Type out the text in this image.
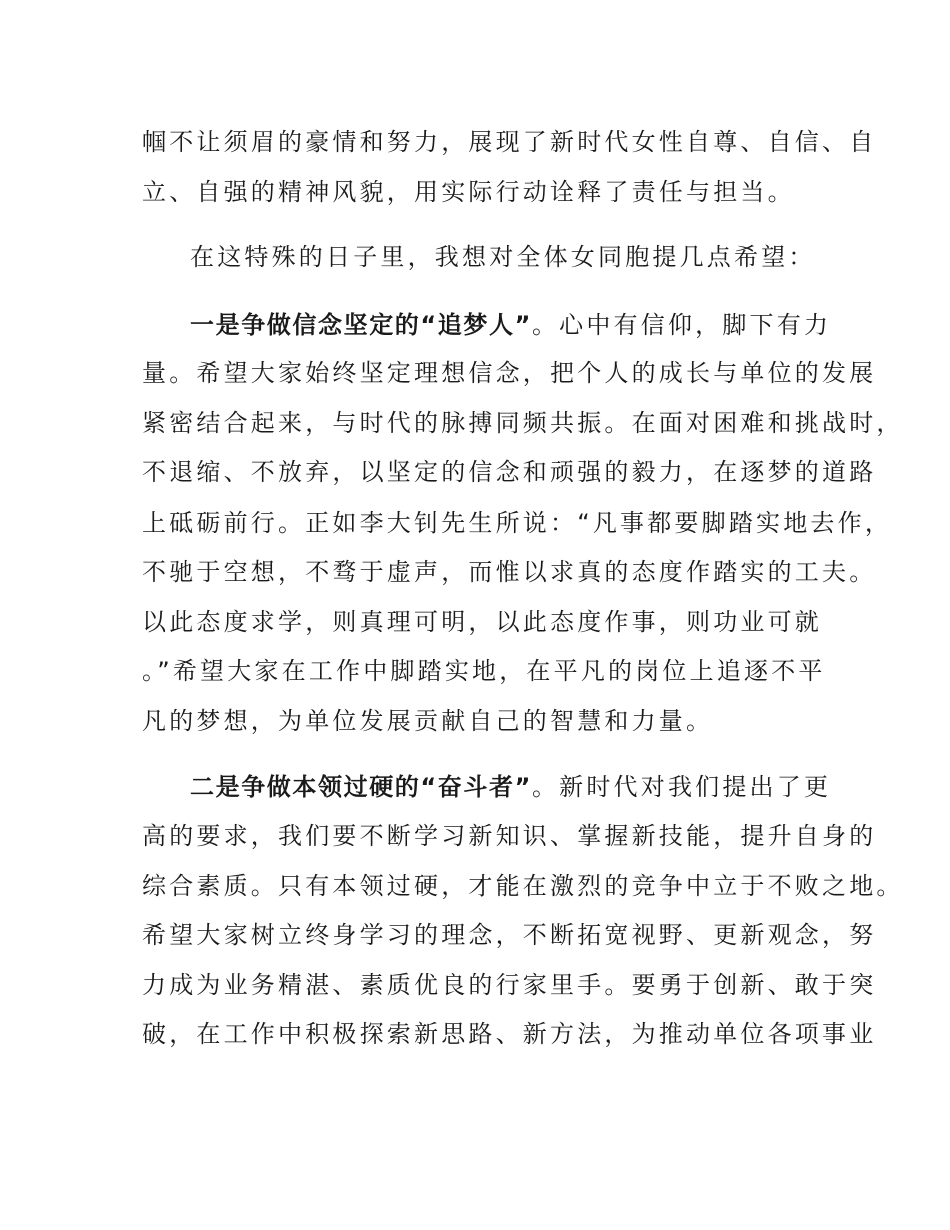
帼不让须眉的豪情和努力，展现了新时代女性自尊、自信、自
立、自强的精神风貌，用实际行动诠释了责任与担当。
在这特殊的日子里，我想对全体女同胞提几点希望：
一是争做信念坚定的“追梦人”。心中有信仰，脚下有力
量。希望大家始终坚定理想信念，把个人的成长与单位的发展
紧密结合起来，与时代的脉搏同频共振。在面对困难和挑战时，
不退缩、不放弃，以坚定的信念和顽强的毅力，在逐梦的道路
上砥砺前行。正如李大钊先生所说：“凡事都要脚踏实地去作，
不驰于空想，不骛于虚声，而惟以求真的态度作踏实的工夫。
以此态度求学，则真理可明，以此态度作事，则功业可就
。”希望大家在工作中脚踏实地，在平凡的岗位上追逐不平
凡的梦想，为单位发展贡献自己的智慧和力量。
二是争做本领过硬的“奋斗者”。新时代对我们提出了更
高的要求，我们要不断学习新知识、掌握新技能，提升自身的
综合素质。只有本领过硬，才能在激烈的竞争中立于不败之地。
希望大家树立终身学习的理念，不断拓宽视野、更新观念，努
力成为业务精湛、素质优良的行家里手。要勇于创新、敢于突
破，在工作中积极探索新思路、新方法，为推动单位各项事业
